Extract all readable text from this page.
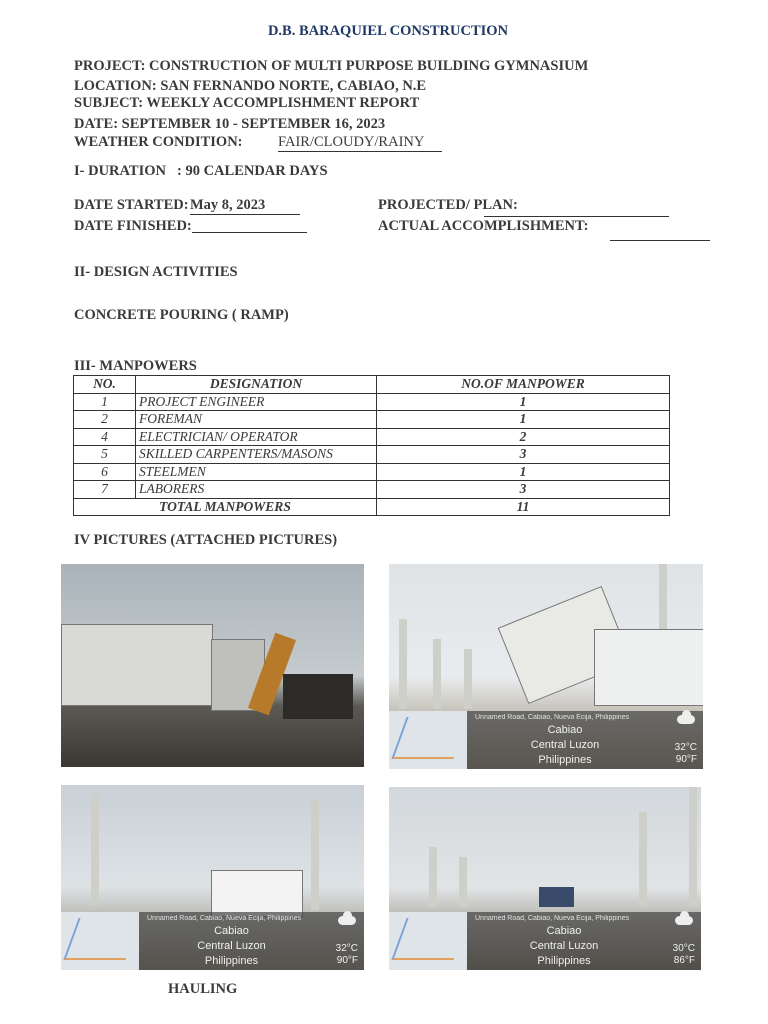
D.B. BARAQUIEL CONSTRUCTION
PROJECT: CONSTRUCTION OF MULTI PURPOSE BUILDING GYMNASIUM
LOCATION: SAN FERNANDO NORTE, CABIAO, N.E
SUBJECT: WEEKLY ACCOMPLISHMENT REPORT
DATE: SEPTEMBER 10 - SEPTEMBER 16, 2023
WEATHER CONDITION: FAIR/CLOUDY/RAINY
I- DURATION : 90 CALENDAR DAYS
DATE STARTED: May 8, 2023
DATE FINISHED:
PROJECTED/ PLAN:
ACTUAL ACCOMPLISHMENT:
II- DESIGN ACTIVITIES
CONCRETE POURING ( RAMP)
III- MANPOWERS
NO.	DESIGNATION	NO.OF MANPOWER
1	PROJECT ENGINEER	1
2	FOREMAN	1
4	ELECTRICIAN/ OPERATOR	2
5	SKILLED CARPENTERS/MASONS	3
6	STEELMEN	1
7	LABORERS	3
TOTAL MANPOWERS		11
IV PICTURES (ATTACHED PICTURES)
Unnamed Road, Cabiao, Nueva Ecija, Philippines
Cabiao
Central Luzon
Philippines
32°C
90°F
Unnamed Road, Cabiao, Nueva Ecija, Philippines
Cabiao
Central Luzon
Philippines
32°C
90°F
Unnamed Road, Cabiao, Nueva Ecija, Philippines
Cabiao
Central Luzon
Philippines
30°C
86°F
HAULING
